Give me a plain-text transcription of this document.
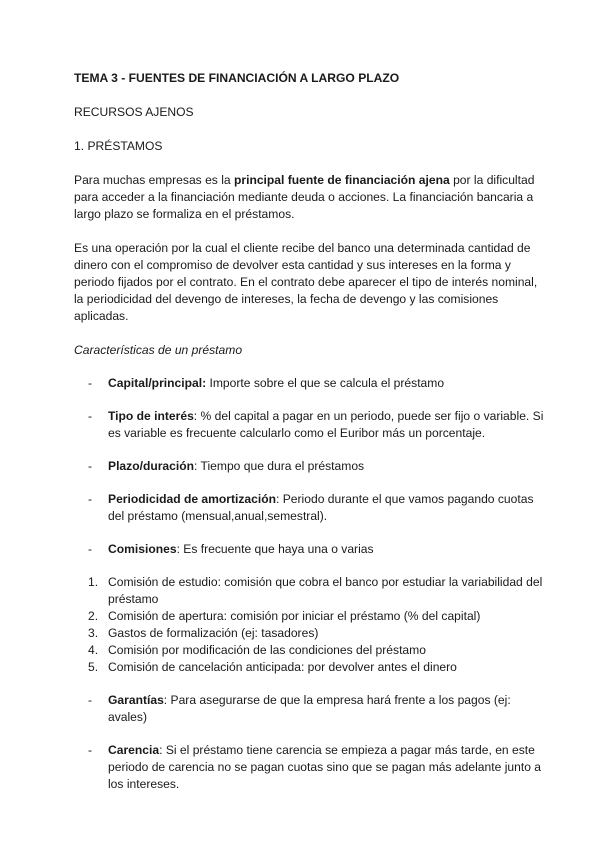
TEMA 3 - FUENTES DE FINANCIACIÓN A LARGO PLAZO

RECURSOS AJENOS

1. PRÉSTAMOS

Para muchas empresas es la principal fuente de financiación ajena por la dificultad para acceder a la financiación mediante deuda o acciones. La financiación bancaria a largo plazo se formaliza en el préstamos.

Es una operación por la cual el cliente recibe del banco una determinada cantidad de dinero con el compromiso de devolver esta cantidad y sus intereses en la forma y periodo fijados por el contrato. En el contrato debe aparecer el tipo de interés nominal, la periodicidad del devengo de intereses, la fecha de devengo y las comisiones aplicadas.

Características de un préstamo

- Capital/principal: Importe sobre el que se calcula el préstamo

- Tipo de interés: % del capital a pagar en un periodo, puede ser fijo o variable. Si es variable es frecuente calcularlo como el Euribor más un porcentaje.

- Plazo/duración: Tiempo que dura el préstamos

- Periodicidad de amortización: Periodo durante el que vamos pagando cuotas del préstamo (mensual,anual,semestral).

- Comisiones: Es frecuente que haya una o varias

1. Comisión de estudio: comisión que cobra el banco por estudiar la variabilidad del préstamo

2. Comisión de apertura: comisión por iniciar el préstamo (% del capital)

3. Gastos de formalización (ej: tasadores)

4. Comisión por modificación de las condiciones del préstamo

5. Comisión de cancelación anticipada: por devolver antes el dinero

- Garantías: Para asegurarse de que la empresa hará frente a los pagos (ej: avales)

- Carencia: Si el préstamo tiene carencia se empieza a pagar más tarde, en este periodo de carencia no se pagan cuotas sino que se pagan más adelante junto a los intereses.
